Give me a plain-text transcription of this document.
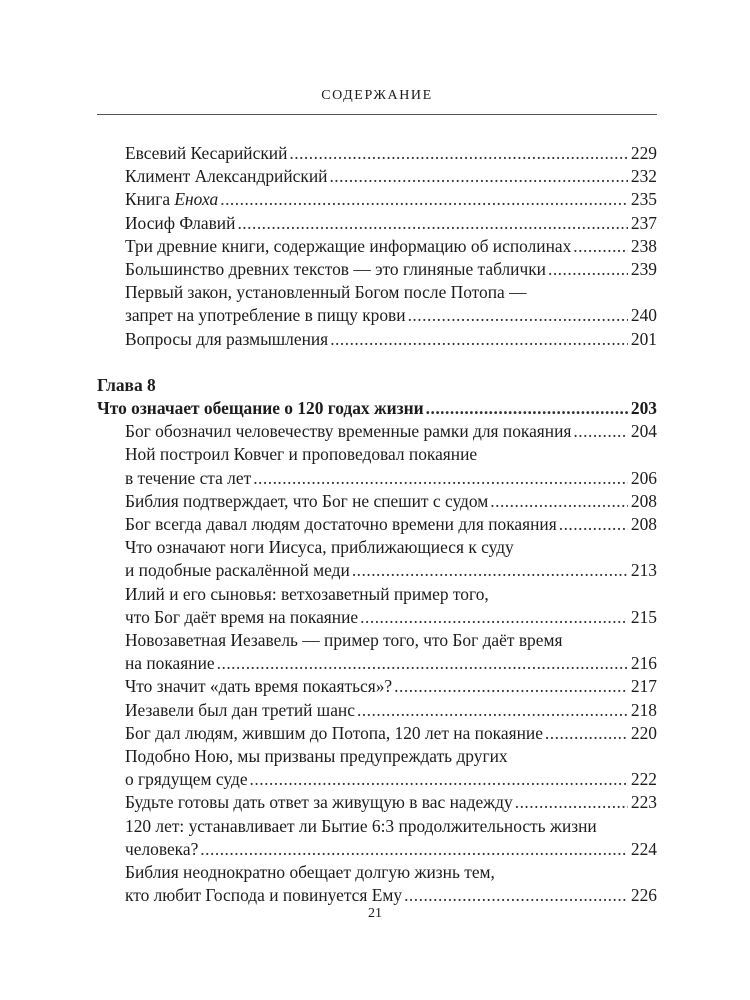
СОДЕРЖАНИЕ
Евсевий Кесарийский .....	229
Климент Александрийский .....	232
Книга Еноха .....	235
Иосиф Флавий .....	237
Три древние книги, содержащие информацию об исполинах .....	238
Большинство древних текстов — это глиняные таблички .....	239
Первый закон, установленный Богом после Потопа —
запрет на употребление в пищу крови .....	240
Вопросы для размышления .....	201
Глава 8
Что означает обещание о 120 годах жизни .....	203
Бог обозначил человечеству временные рамки для покаяния .....	204
Ной построил Ковчег и проповедовал покаяние
в течение ста лет .....	206
Библия подтверждает, что Бог не спешит с судом .....	208
Бог всегда давал людям достаточно времени для покаяния .....	208
Что означают ноги Иисуса, приближающиеся к суду
и подобные раскалённой меди .....	213
Илий и его сыновья: ветхозаветный пример того,
что Бог даёт время на покаяние .....	215
Новозаветная Иезавель — пример того, что Бог даёт время
на покаяние .....	216
Что значит «дать время покаяться»? .....	217
Иезавели был дан третий шанс .....	218
Бог дал людям, жившим до Потопа, 120 лет на покаяние .....	220
Подобно Ною, мы призваны предупреждать других
о грядущем суде .....	222
Будьте готовы дать ответ за живущую в вас надежду .....	223
120 лет: устанавливает ли Бытие 6:3 продолжительность жизни
человека? .....	224
Библия неоднократно обещает долгую жизнь тем,
кто любит Господа и повинуется Ему .....	226
21
